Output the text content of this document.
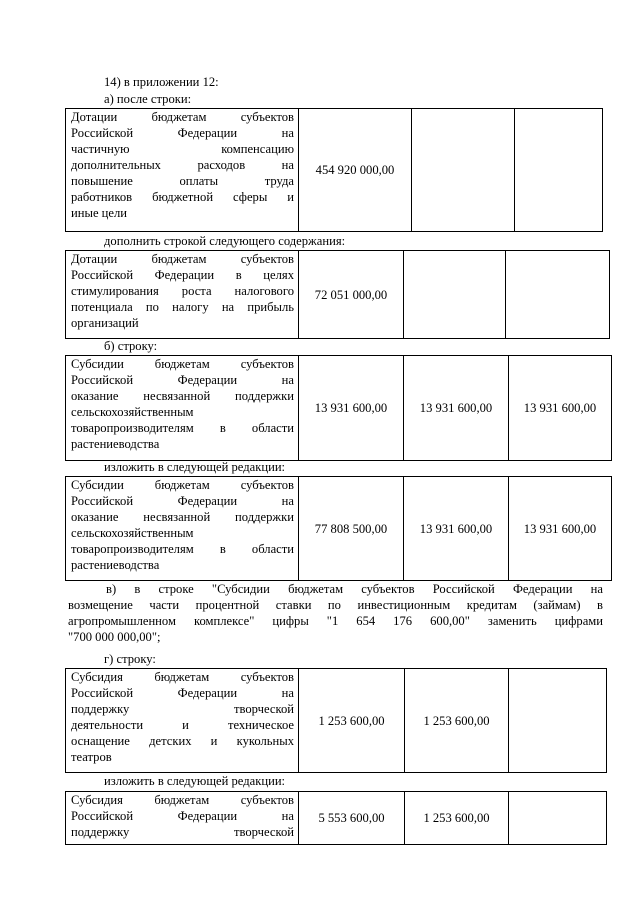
14) в приложении 12:
а) после строки:
Дотации бюджетам субъектов
Российской Федерации на
частичную компенсацию
дополнительных расходов на
повышение оплаты труда
работников бюджетной сферы и
иные цели
	454 920 000,00		
дополнить строкой следующего содержания:
Дотации бюджетам субъектов
Российской Федерации в целях
стимулирования роста налогового
потенциала по налогу на прибыль
организаций
	72 051 000,00		
б) строку:
Субсидии бюджетам субъектов
Российской Федерации на
оказание несвязанной поддержки
сельскохозяйственным
товаропроизводителям в области
растениеводства
	13 931 600,00	13 931 600,00	13 931 600,00
изложить в следующей редакции:
Субсидии бюджетам субъектов
Российской Федерации на
оказание несвязанной поддержки
сельскохозяйственным
товаропроизводителям в области
растениеводства
	77 808 500,00	13 931 600,00	13 931 600,00
в) в строке "Субсидии бюджетам субъектов Российской Федерации на
возмещение части процентной ставки по инвестиционным кредитам (займам) в
агропромышленном комплексе" цифры "1 654 176 600,00" заменить цифрами
"700 000 000,00";
г) строку:
Субсидия бюджетам субъектов
Российской Федерации на
поддержку творческой
деятельности и техническое
оснащение детских и кукольных
театров
	1 253 600,00	1 253 600,00	
изложить в следующей редакции:
Субсидия бюджетам субъектов
Российской Федерации на
поддержку творческой
	5 553 600,00	1 253 600,00	
